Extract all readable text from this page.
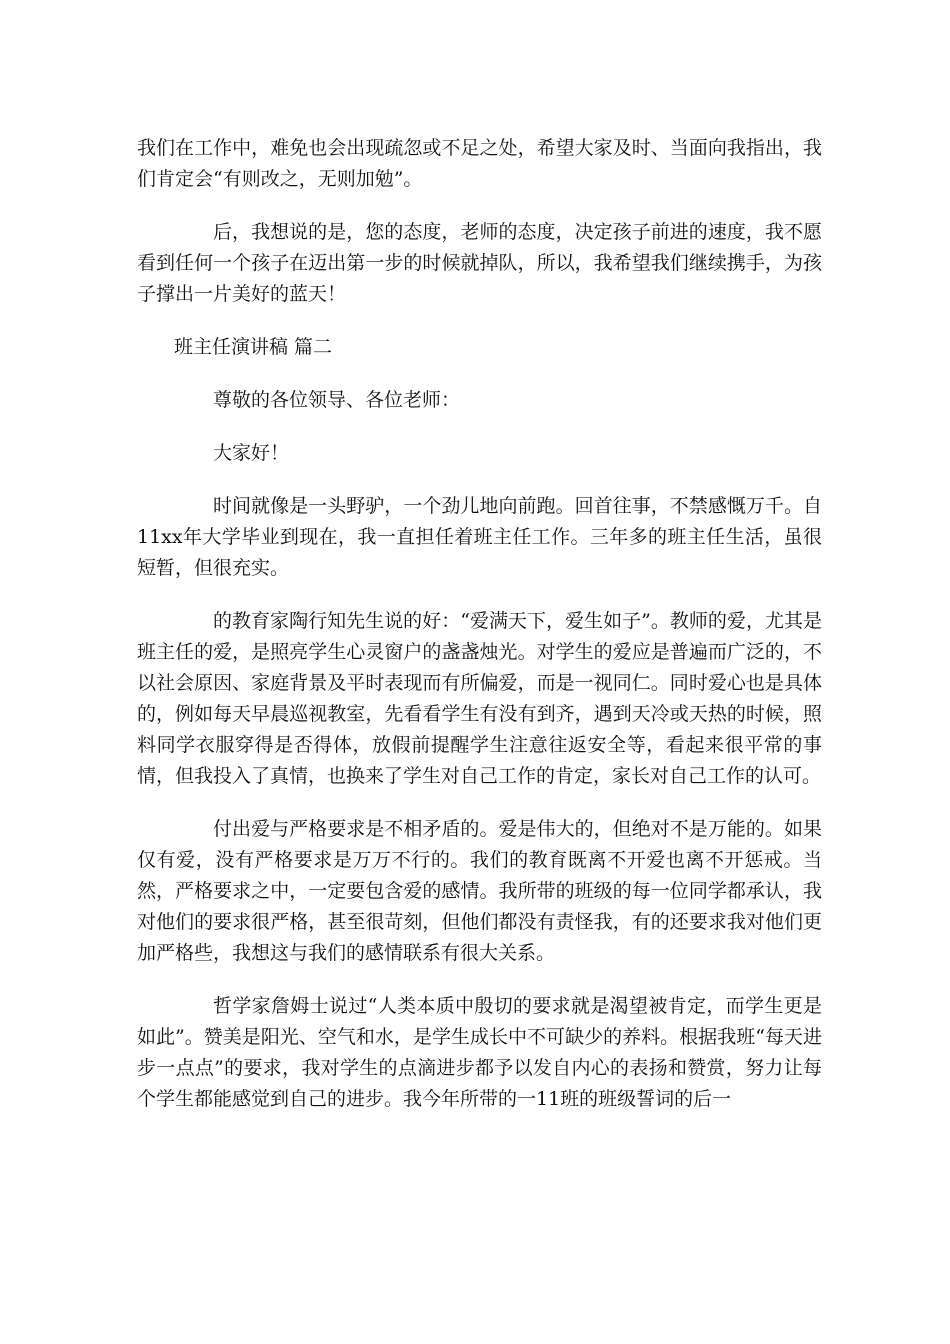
我们在工作中，难免也会出现疏忽或不足之处，希望大家及时、当面向我指出，我们肯定会“有则改之，无则加勉”。

后，我想说的是，您的态度，老师的态度，决定孩子前进的速度，我不愿看到任何一个孩子在迈出第一步的时候就掉队，所以，我希望我们继续携手，为孩子撑出一片美好的蓝天！

班主任演讲稿 篇二

尊敬的各位领导、各位老师：

大家好！

时间就像是一头野驴，一个劲儿地向前跑。回首往事，不禁感慨万千。自11xx年大学毕业到现在，我一直担任着班主任工作。三年多的班主任生活，虽很短暂，但很充实。

的教育家陶行知先生说的好：“爱满天下，爱生如子”。教师的爱，尤其是班主任的爱，是照亮学生心灵窗户的盏盏烛光。对学生的爱应是普遍而广泛的，不以社会原因、家庭背景及平时表现而有所偏爱，而是一视同仁。同时爱心也是具体的，例如每天早晨巡视教室，先看看学生有没有到齐，遇到天冷或天热的时候，照料同学衣服穿得是否得体，放假前提醒学生注意往返安全等，看起来很平常的事情，但我投入了真情，也换来了学生对自己工作的肯定，家长对自己工作的认可。

付出爱与严格要求是不相矛盾的。爱是伟大的，但绝对不是万能的。如果仅有爱，没有严格要求是万万不行的。我们的教育既离不开爱也离不开惩戒。当然，严格要求之中，一定要包含爱的感情。我所带的班级的每一位同学都承认，我对他们的要求很严格，甚至很苛刻，但他们都没有责怪我，有的还要求我对他们更加严格些，我想这与我们的感情联系有很大关系。

哲学家詹姆士说过“人类本质中殷切的要求就是渴望被肯定，而学生更是如此”。赞美是阳光、空气和水，是学生成长中不可缺少的养料。根据我班“每天进步一点点”的要求，我对学生的点滴进步都予以发自内心的表扬和赞赏，努力让每个学生都能感觉到自己的进步。我今年所带的一11班的班级誓词的后一
